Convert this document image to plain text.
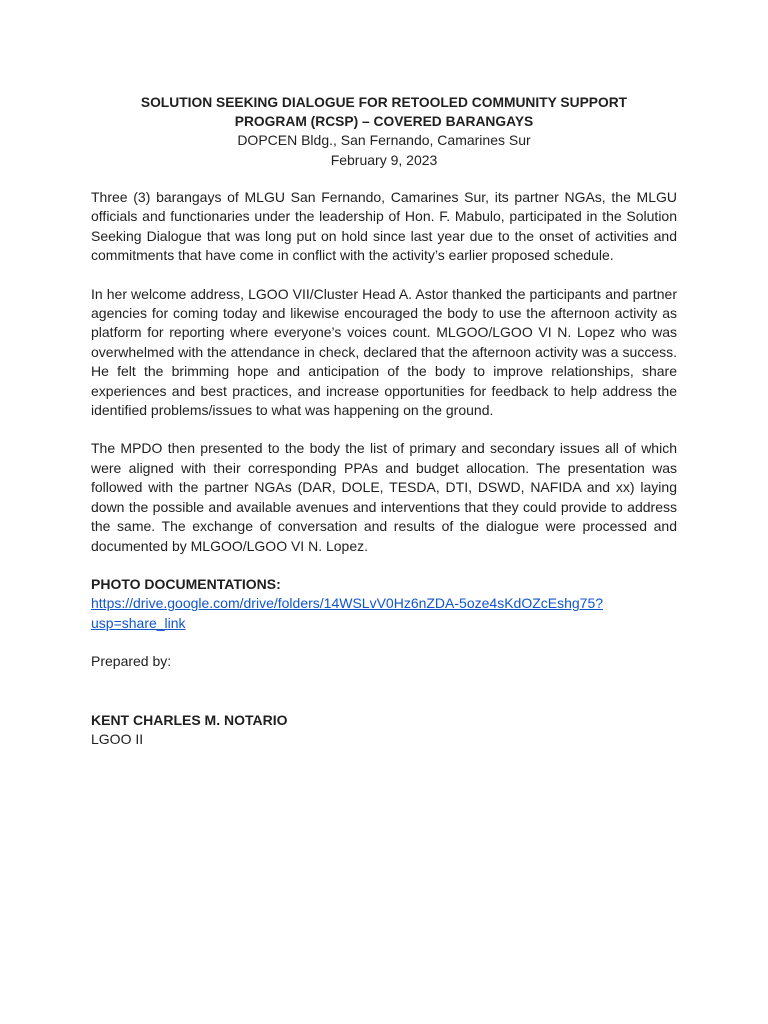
SOLUTION SEEKING DIALOGUE FOR RETOOLED COMMUNITY SUPPORT

PROGRAM (RCSP) – COVERED BARANGAYS

DOPCEN Bldg., San Fernando, Camarines Sur

February 9, 2023

Three (3) barangays of MLGU San Fernando, Camarines Sur, its partner NGAs, the MLGU officials and functionaries under the leadership of Hon. F. Mabulo, participated in the Solution Seeking Dialogue that was long put on hold since last year due to the onset of activities and commitments that have come in conflict with the activity’s earlier proposed schedule.

In her welcome address, LGOO VII/Cluster Head A. Astor thanked the participants and partner agencies for coming today and likewise encouraged the body to use the afternoon activity as platform for reporting where everyone’s voices count. MLGOO/LGOO VI N. Lopez who was overwhelmed with the attendance in check, declared that the afternoon activity was a success. He felt the brimming hope and anticipation of the body to improve relationships, share experiences and best practices, and increase opportunities for feedback to help address the identified problems/issues to what was happening on the ground.

The MPDO then presented to the body the list of primary and secondary issues all of which were aligned with their corresponding PPAs and budget allocation. The presentation was followed with the partner NGAs (DAR, DOLE, TESDA, DTI, DSWD, NAFIDA and xx) laying down the possible and available avenues and interventions that they could provide to address the same. The exchange of conversation and results of the dialogue were processed and documented by MLGOO/LGOO VI N. Lopez.

PHOTO DOCUMENTATIONS:

https://drive.google.com/drive/folders/14WSLvV0Hz6nZDA-5oze4sKdOZcEshg75?
usp=share_link

Prepared by:

KENT CHARLES M. NOTARIO

LGOO II
